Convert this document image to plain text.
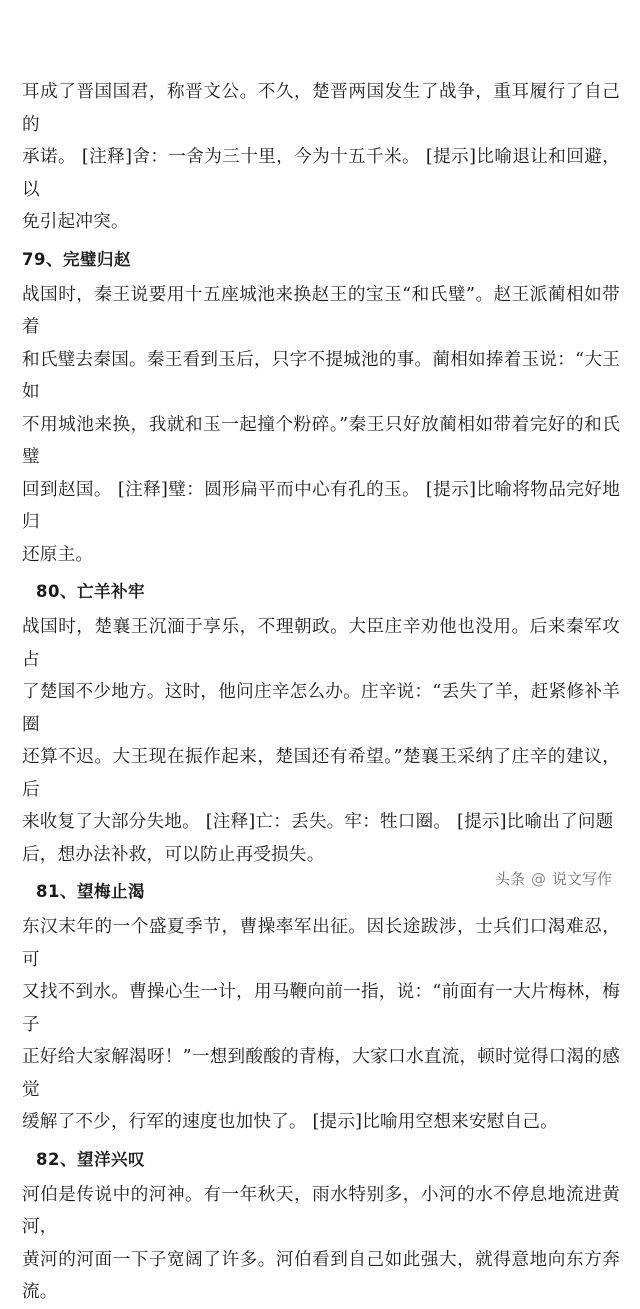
耳成了晋国国君，称晋文公。不久，楚晋两国发生了战争，重耳履行了自己的

承诺。 [注释]舍：一舍为三十里，今为十五千米。 [提示]比喻退让和回避，以

免引起冲突。

79、完璧归赵

战国时，秦王说要用十五座城池来换赵王的宝玉“和氏璧”。赵王派蔺相如带着

和氏璧去秦国。秦王看到玉后，只字不提城池的事。蔺相如捧着玉说：“大王如

不用城池来换，我就和玉一起撞个粉碎。”秦王只好放蔺相如带着完好的和氏璧

回到赵国。 [注释]璧：圆形扁平而中心有孔的玉。 [提示]比喻将物品完好地归

还原主。

80、亡羊补牢

战国时，楚襄王沉湎于享乐，不理朝政。大臣庄辛劝他也没用。后来秦军攻占

了楚国不少地方。这时，他问庄辛怎么办。庄辛说：“丢失了羊，赶紧修补羊圈

还算不迟。大王现在振作起来，楚国还有希望。”楚襄王采纳了庄辛的建议，后

来收复了大部分失地。 [注释]亡：丢失。牢：牲口圈。 [提示]比喻出了问题

后，想办法补救，可以防止再受损失。

81、望梅止渴

东汉末年的一个盛夏季节，曹操率军出征。因长途跋涉，士兵们口渴难忍，可

又找不到水。曹操心生一计，用马鞭向前一指，说：“前面有一大片梅林，梅子

正好给大家解渴呀！”一想到酸酸的青梅，大家口水直流，顿时觉得口渴的感觉

缓解了不少，行军的速度也加快了。 [提示]比喻用空想来安慰自己。

82、望洋兴叹

河伯是传说中的河神。有一年秋天，雨水特别多，小河的水不停息地流进黄河，

黄河的河面一下子宽阔了许多。河伯看到自己如此强大，就得意地向东方奔流。

头条 @ 说文写作
